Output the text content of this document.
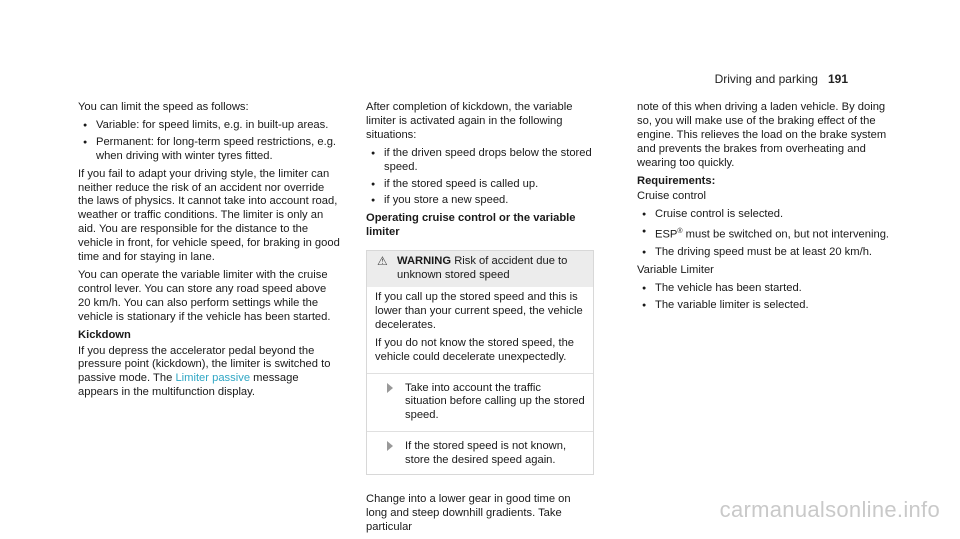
Driving and parking 191

You can limit the speed as follows:

● Variable: for speed limits, e.g. in built-up areas.
● Permanent: for long-term speed restrictions, e.g. when driving with winter tyres fitted.

If you fail to adapt your driving style, the limiter can neither reduce the risk of an accident nor override the laws of physics. It cannot take into account road, weather or traffic conditions. The limiter is only an aid. You are responsible for the distance to the vehicle in front, for vehicle speed, for braking in good time and for staying in lane.

You can operate the variable limiter with the cruise control lever. You can store any road speed above 20 km/h. You can also perform settings while the vehicle is stationary if the vehicle has been started.

Kickdown

If you depress the accelerator pedal beyond the pressure point (kickdown), the limiter is switched to passive mode. The Limiter passive message appears in the multifunction display.

After completion of kickdown, the variable limiter is activated again in the following situations:

● if the driven speed drops below the stored speed.
● if the stored speed is called up.
● if you store a new speed.
Operating cruise control or the variable limiter
⚠ WARNING Risk of accident due to unknown stored speed

If you call up the stored speed and this is lower than your current speed, the vehicle decelerates.

If you do not know the stored speed, the vehicle could decelerate unexpectedly.

Take into account the traffic situation before calling up the stored speed.
If the stored speed is not known, store the desired speed again.

Change into a lower gear in good time on long and steep downhill gradients. Take particular

note of this when driving a laden vehicle. By doing so, you will make use of the braking effect of the engine. This relieves the load on the brake system and prevents the brakes from overheating and wearing too quickly.

Requirements:

Cruise control

● Cruise control is selected.
● ESP® must be switched on, but not intervening.
● The driving speed must be at least 20 km/h.

Variable Limiter

● The vehicle has been started.
● The variable limiter is selected.
carmanualsonline.info
